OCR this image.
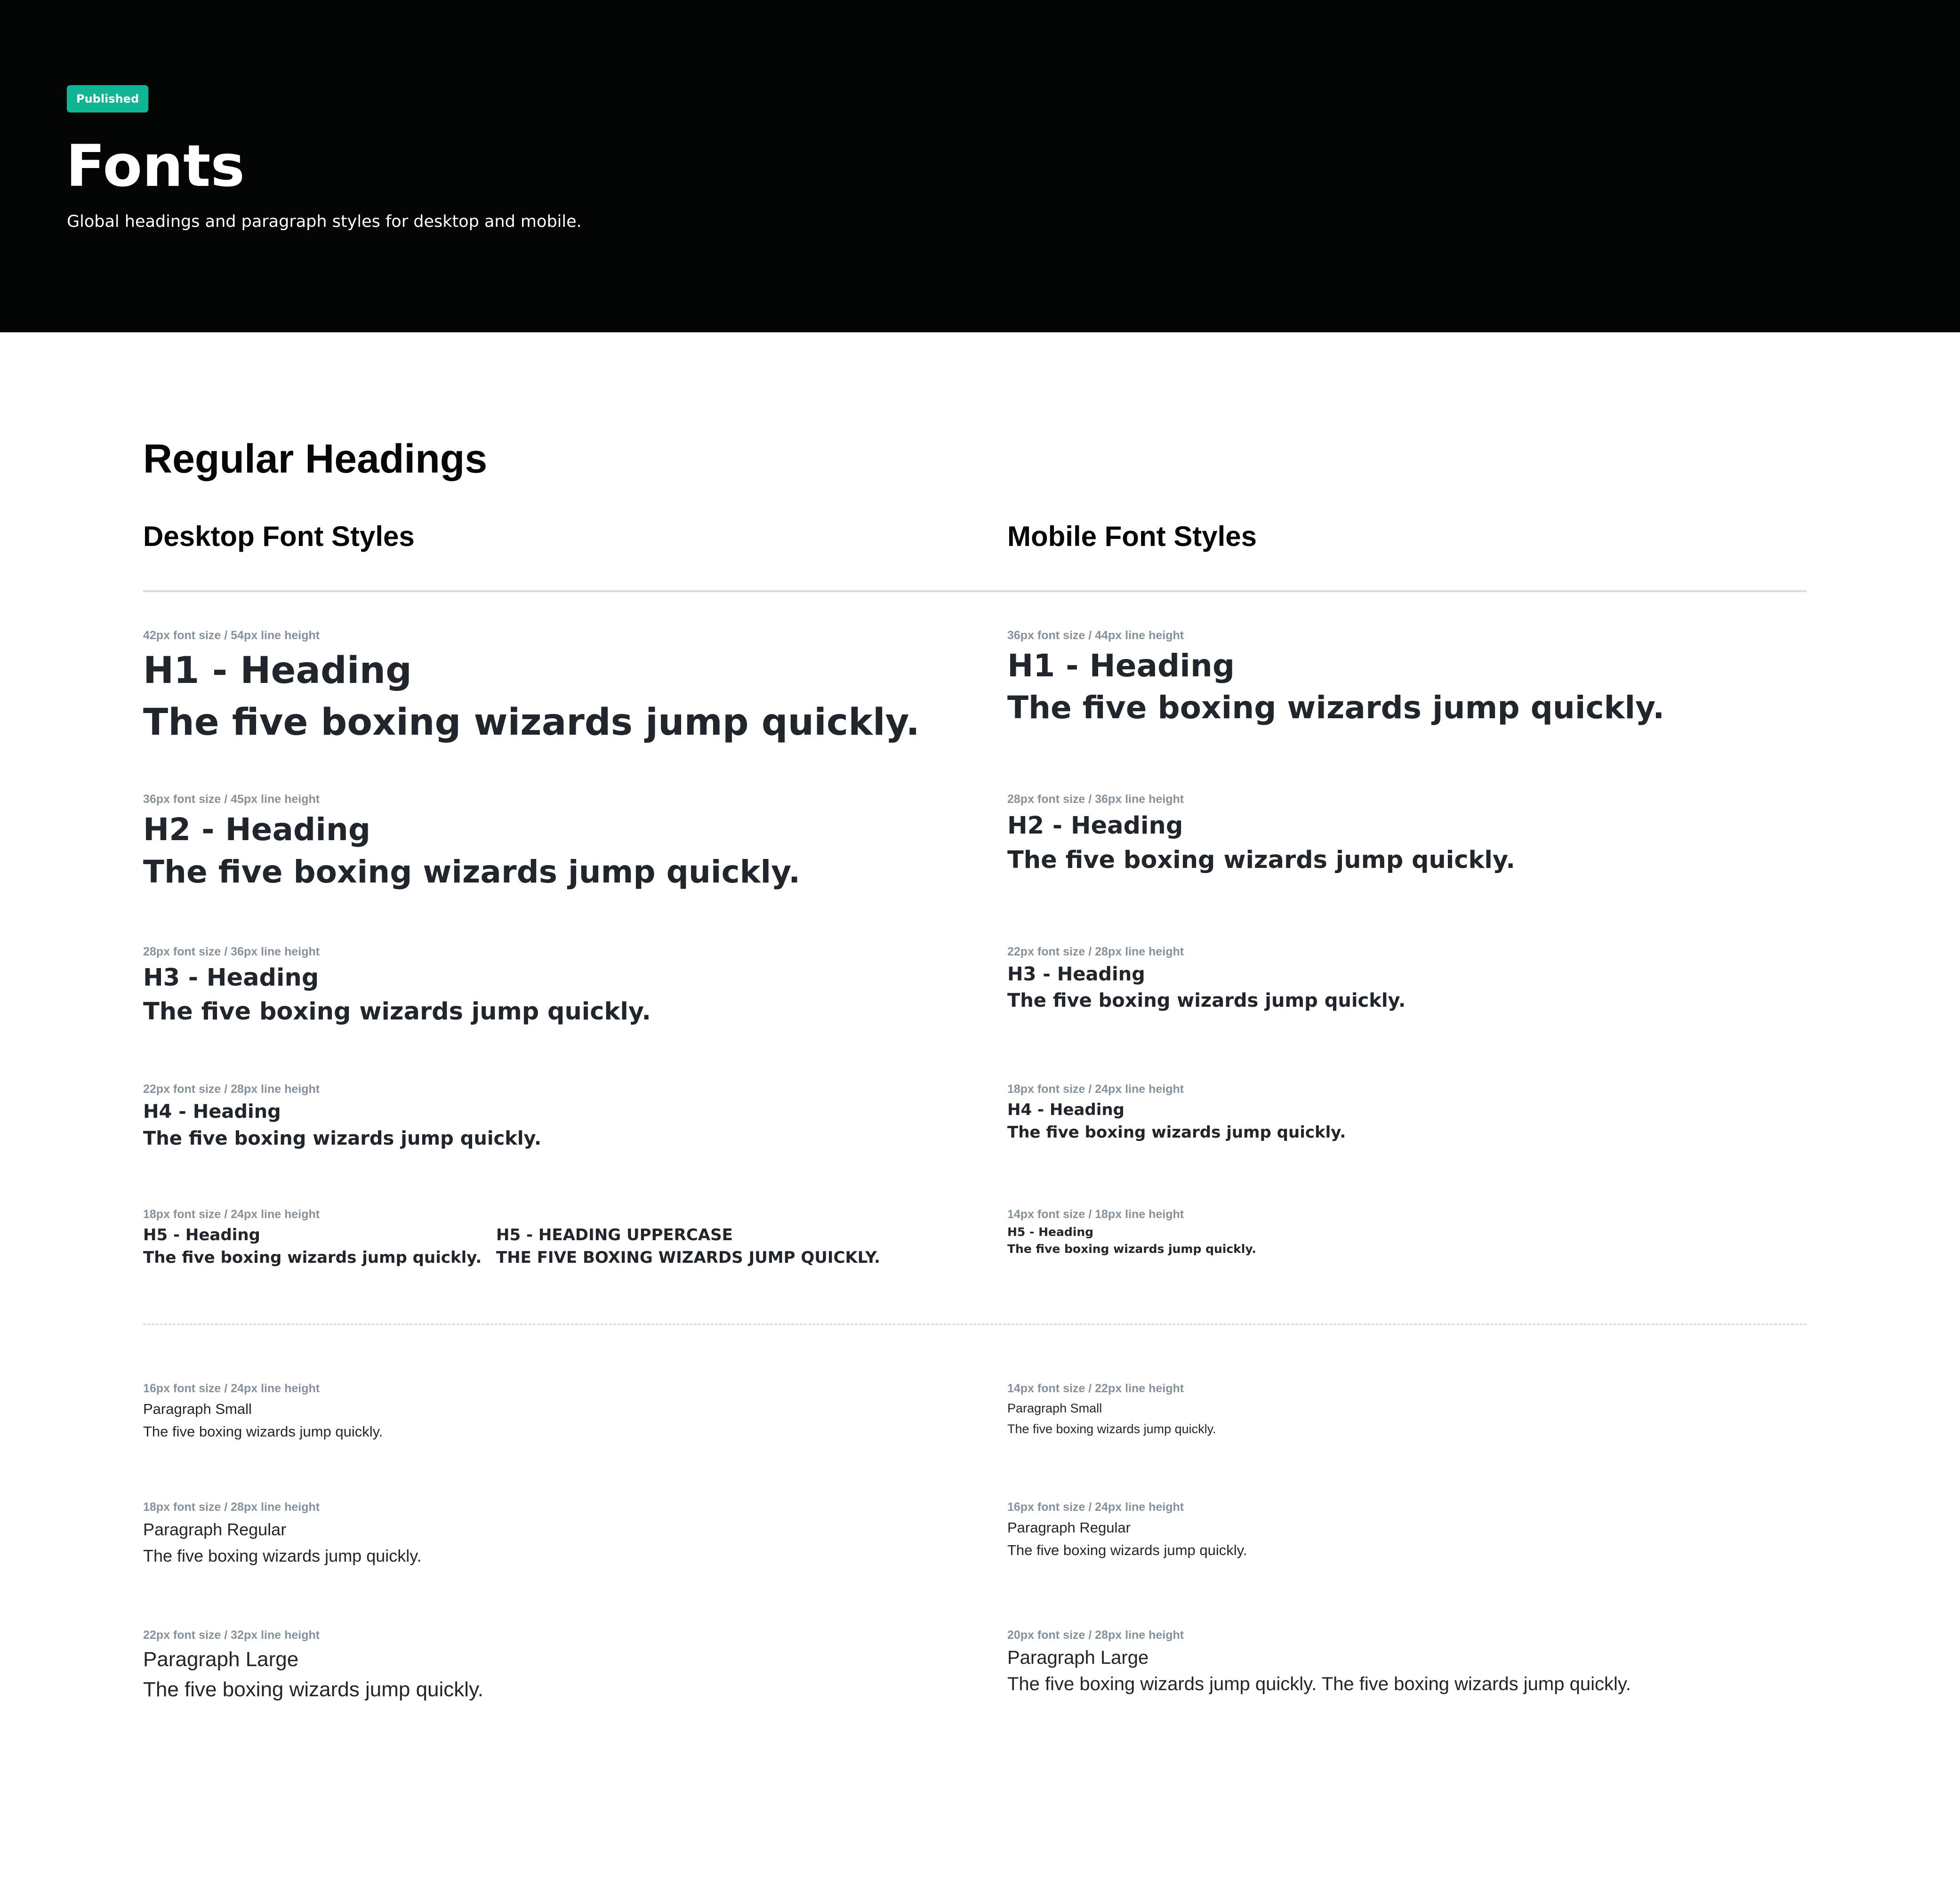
Published
Fonts

Global headings and paragraph styles for desktop and mobile.

Regular Headings
Desktop Font Styles	Mobile Font Styles
42px font size / 54px line height
H1 - Heading
The five boxing wizards jump quickly.
36px font size / 45px line height
H2 - Heading
The five boxing wizards jump quickly.
28px font size / 36px line height
H3 - Heading
The five boxing wizards jump quickly.
22px font size / 28px line height
H4 - Heading
The five boxing wizards jump quickly.
18px font size / 24px line height
H5 - Heading
The five boxing wizards jump quickly.
H5 - HEADING UPPERCASE
THE FIVE BOXING WIZARDS JUMP QUICKLY.
36px font size / 44px line height
H1 - Heading
The five boxing wizards jump quickly.
28px font size / 36px line height
H2 - Heading
The five boxing wizards jump quickly.
22px font size / 28px line height
H3 - Heading
The five boxing wizards jump quickly.
18px font size / 24px line height
H4 - Heading
The five boxing wizards jump quickly.
14px font size / 18px line height
H5 - Heading
The five boxing wizards jump quickly.
16px font size / 24px line height
Paragraph Small
The five boxing wizards jump quickly.
18px font size / 28px line height
Paragraph Regular
The five boxing wizards jump quickly.
22px font size / 32px line height
Paragraph Large
The five boxing wizards jump quickly.
14px font size / 22px line height
Paragraph Small
The five boxing wizards jump quickly.
16px font size / 24px line height
Paragraph Regular
The five boxing wizards jump quickly.
20px font size / 28px line height
Paragraph Large
The five boxing wizards jump quickly. The five boxing wizards jump quickly.
